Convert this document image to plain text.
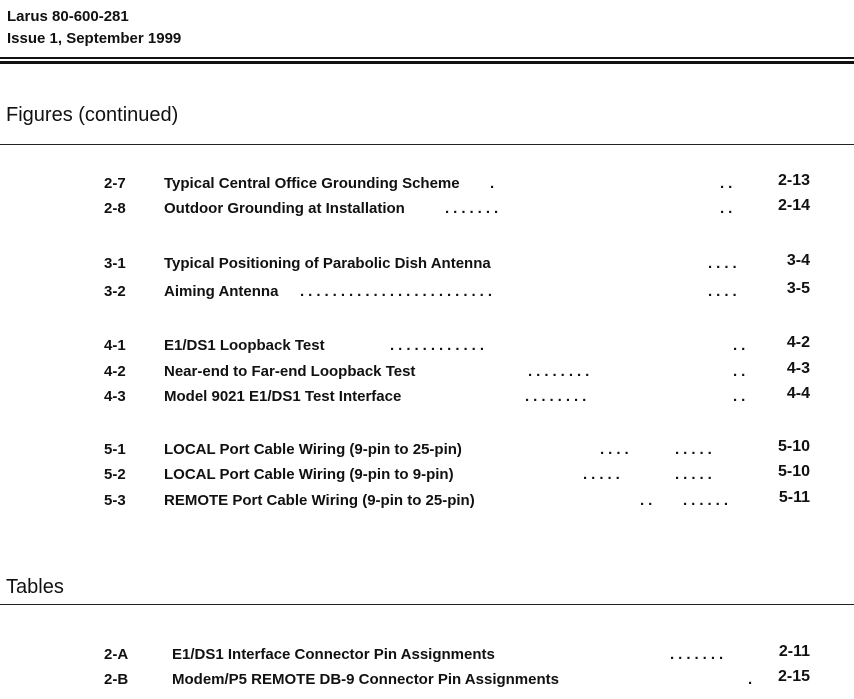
Larus 80-600-281
Issue 1, September 1999
Figures (continued)
2-7	Typical Central Office Grounding Scheme .	..	2-13
2-8	Outdoor Grounding at Installation	.......	..	2-14
3-1	Typical Positioning of Parabolic Dish Antenna	....	3-4
3-2	Aiming Antenna ........................	....	3-5
4-1	E1/DS1 Loopback Test	............	.. 4-2
4-2	Near-end to Far-end Loopback Test	........	.. 4-3
4-3	Model 9021 E1/DS1 Test Interface	........	.. 4-4
5-1	LOCAL Port Cable Wiring (9-pin to 25-pin)	....	.....	5-10
5-2	LOCAL Port Cable Wiring (9-pin to 9-pin)	.....	.....	5-10
5-3	REMOTE Port Cable Wiring (9-pin to 25-pin)	.. ......	5-11
Tables
2-A	E1/DS1 Interface Connector Pin Assignments	.......	2-11
2-B	Modem/P5 REMOTE DB-9 Connector Pin Assignments	. 2-15
